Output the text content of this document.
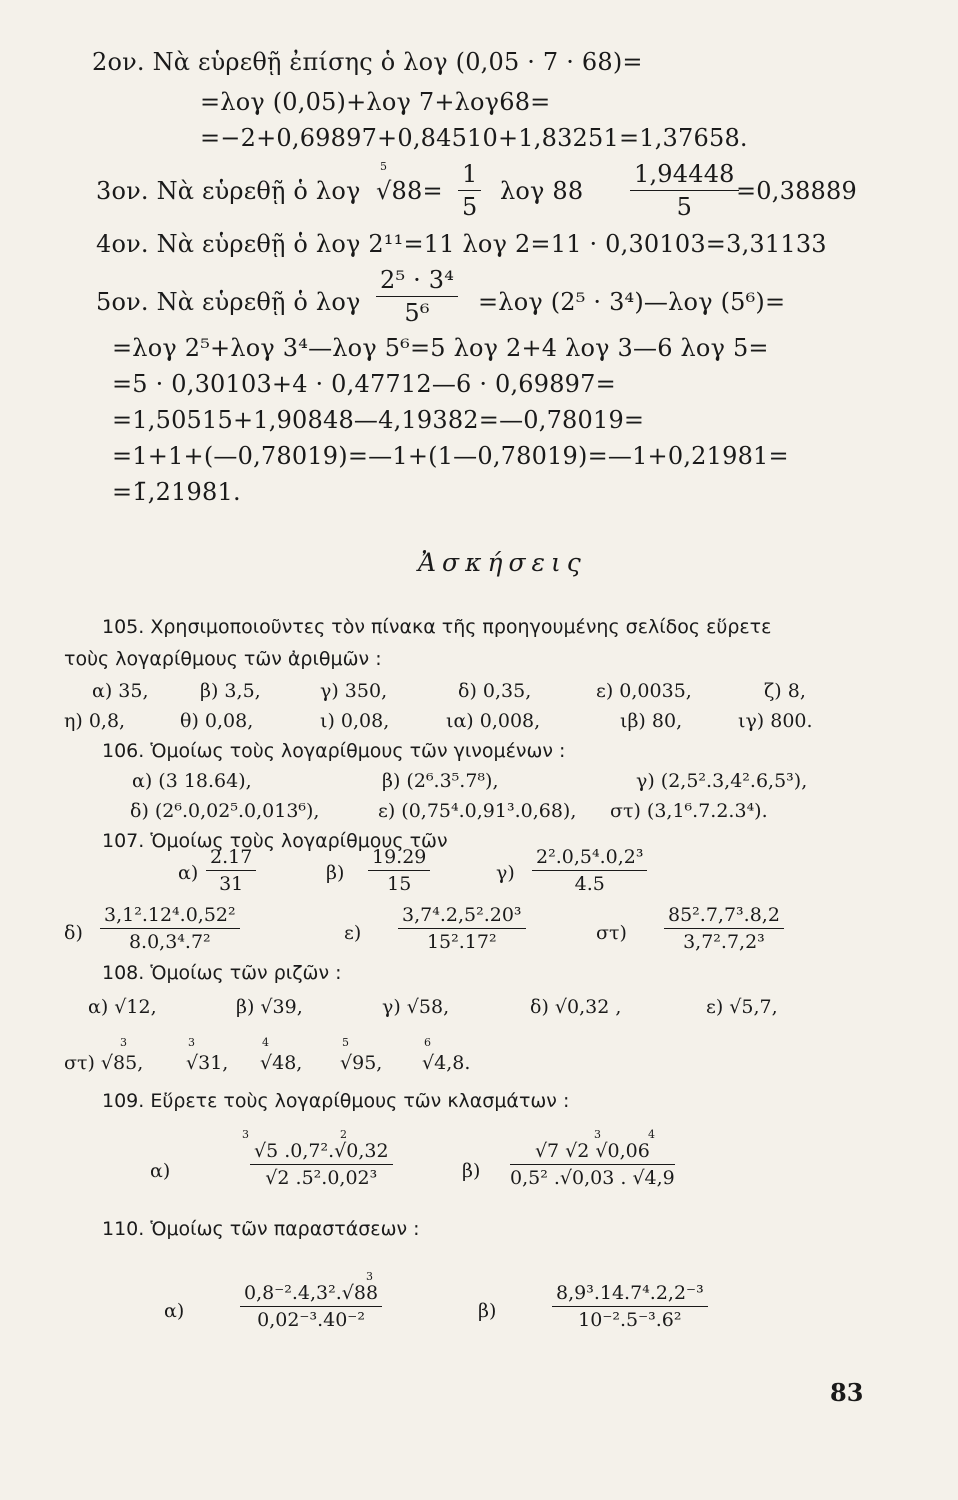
2ον. Νὰ εὑρεθῇ ἐπίσης ὁ λογ (0,05 · 7 · 68)=
=λογ (0,05)+λογ 7+λογ68=
=−2+0,69897+0,84510+1,83251=1,37658.
3ον. Νὰ εὑρεθῇ ὁ λογ
5
$√88= \frac{1}{5}$ λογ $88 \frac{1,94448}{5}$
=0,38889
4ον. Νὰ εὑρεθῇ ὁ λογ 2¹¹=11 λογ 2=11 · 0,30103=3,31133
5ον. Νὰ εὑρεθῇ ὁ λογ $\frac{\text{2⁵ · 3⁴}}{\text{5⁶}} =\lambda o\gamma$ (2⁵ · 3⁴)—λογ (5⁶)=
=λογ 2⁵+λογ 3⁴—λογ 5⁶=5 λογ 2+4 λογ 3—6 λογ 5=
=5 · 0,30103+4 · 0,47712—6 · 0,69897=
=1,50515+1,90848—4,19382=—0,78019=
=1+1+(—0,78019)=—1+(1—0,78019)=—1+0,21981=
=1̄,21981.
Ἀσκήσεις
105. Χρησιμοποιοῦντες τὸν πίνακα τῆς προηγουμένης σελίδος εὕρετε
τοὺς λογαρίθμους τῶν ἀριθμῶν :
α) 35,	β) 3,5,	γ) 350,	δ) 0,35,	ε) 0,0035,	ζ) 8,
η) 0,8,	θ) 0,08,	ι) 0,08,	ια) 0,008,	ιβ) 80,	ιγ) 800.
106. Ὁμοίως τοὺς λογαρίθμους τῶν γινομένων :
α) (3 18.64),	β) (2⁶.3⁵.7⁸),	γ) (2,5².3,4².6,5³),
δ) (2⁶.0,02⁵.0,013⁶),	ε) (0,75⁴.0,91³.0,68), στ) (3,1⁶.7.2.3⁴).
107. Ὁμοίως τοὺς λογαρίθμους τῶν
$\alpha) \frac{2.17}{31}$	$\beta) \frac{19.29}{15}$	$\gamma) \frac{\text{2².0,5⁴.0,2³}}{4.5}$
$\delta) \frac{\text{3,1².12⁴.0,52²}}{\text{8.0,3⁴.7²}}$	$\varepsilon) \frac{\text{3,7⁴.2,5².20³}}{\text{15².17²}}$	$\sigma\tau) \frac{\text{85².7,7³.8,2}}{\text{3,7².7,2³}}$
108. Ὁμοίως τῶν ριζῶν :
α) √12,	β) √39,	γ) √58,	δ) √0,32 ,	ε) √5,7,
3	3	4	5	6
στ) √85, √31, √48, √95, √4,8.
109. Εὕρετε τοὺς λογαρίθμους τῶν κλασμάτων :
3	2
α)	$\frac{\text{√5 .0,7².√0,32}}{\text{√2 .5².0,02³}}$
3	4
$\beta) \frac{√7 √2 √0,06}{\text{0,5² .√0,03 . √4,9}}$
110. Ὁμοίως τῶν παραστάσεων :
3
α)	$\frac{\text{0,8⁻².4,3².√88}}{\text{0,02⁻³.40⁻²}}$	β)	$\frac{\text{8,9³.14.7⁴.2,2⁻³}}{\text{10⁻².5⁻³.6²}}$
83
